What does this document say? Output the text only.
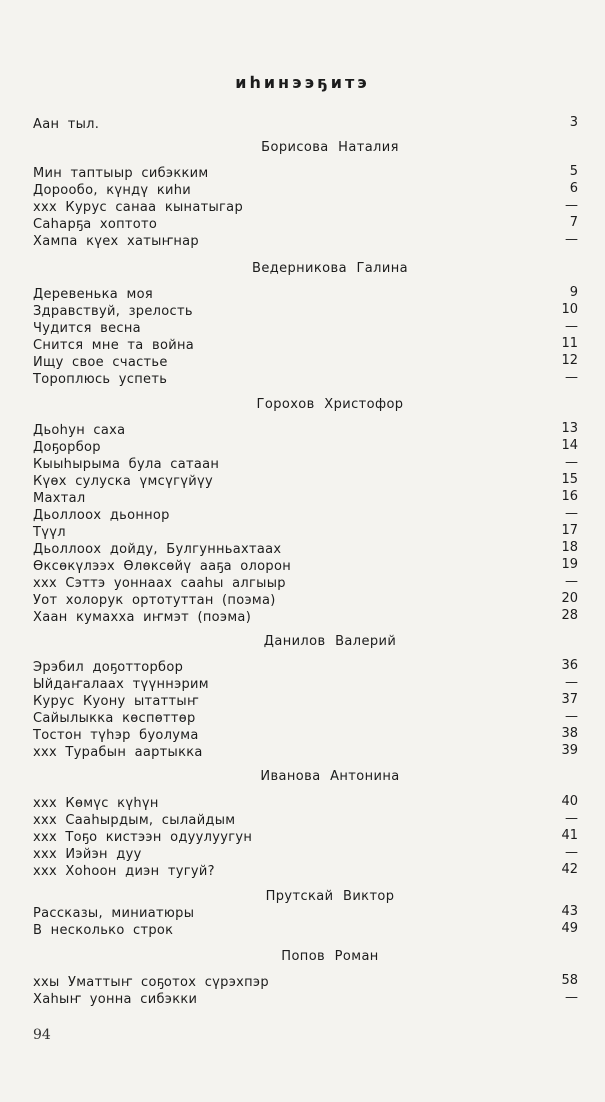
иһинээҕитэ
Аан тыл.	3
Борисова Наталия
Мин таптыыр сибэкким	5
Дорообо, күндү киһи	6
ххх Курус санаа кынатыгар	—
Саһарҕа хоптото	7
Хампа күех хатыҥнар	—
Ведерникова Галина
Деревенька моя	9
Здравствуй, зрелость	10
Чудится весна	—
Снится мне та война	11
Ищу свое счастье	12
Тороплюсь успеть	—
Горохов Христофор
Дьоһун саха	13
Доҕорбор	14
Кыыһырыма була сатаан	—
Күөх сулуска үмсүгүйүу	15
Махтал	16
Дьоллоох дьоннор	—
Түүл	17
Дьоллоох дойду, Булгунньахтаах	18
Өксөкүлээх Өлөксөйү ааҕа олорон	19
ххх Сэттэ уоннаах сааһы алгыыр	—
Уот холорук ортотуттан (поэма)	20
Хаан кумахха иҥмэт (поэма)	28
Данилов Валерий
Эрэбил доҕотторбор	36
Ыйдаҥалаах түүннэрим	—
Курус Куону ытаттыҥ	37
Сайылыкка көспөттөр	—
Тостон түһэр буолума	38
ххх Турабын аартыкка	39
Иванова Антонина
ххх Көмүс күһүн	40
ххх Сааһырдым, сылайдым	—
ххх Тоҕо кистээн одуулуугун	41
ххх Иэйэн дуу	—
ххх Хоһоон диэн тугуй?	42
Прутскай Виктор
Рассказы, миниатюры	43
В несколько строк	49
Попов Роман
ххы Уматтыҥ соҕотох сүрэхпэр	58
Хаһыҥ уонна сибэкки	—
94
